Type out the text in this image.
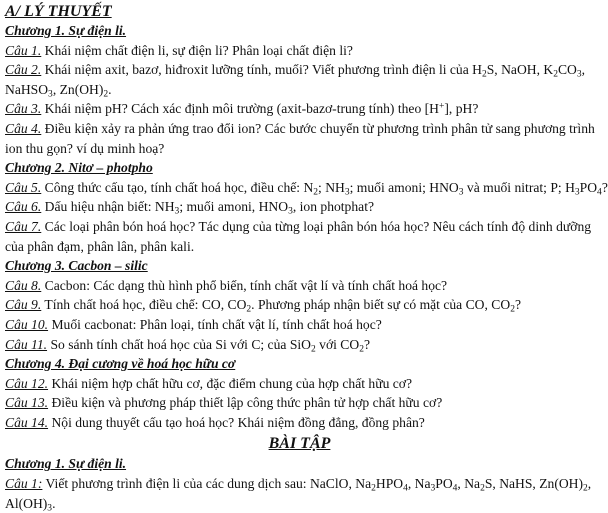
A/ LÝ THUYẾT
Chương 1. Sự điện li.
Câu 1. Khái niệm chất điện li, sự điện li? Phân loại chất điện li?
Câu 2. Khái niệm axit, bazơ, hiđroxit lưỡng tính, muối? Viết phương trình điện li của $H_2S$, NaOH, $K_2CO_3$,
NaHSO$_3$, $Zn(OH)_2$.
Câu 3. Khái niệm pH? Cách xác định môi trường (axit-bazơ-trung tính) theo [H+], pH?
Câu 4. Điều kiện xảy ra phản ứng trao đổi ion? Các bước chuyển từ phương trình phân tử sang phương trình
ion thu gọn? ví dụ minh hoạ?
Chương 2. Nitơ – photpho
Câu 5. Công thức cấu tạo, tính chất hoá học, điều chế: $N_2$; $NH_3$; muối amoni; $HNO_3$ và muối nitrat; P; $H_3PO_4$?
Câu 6. Dấu hiệu nhận biết: $NH_3$; muối amoni, $HNO_3$, ion photphat?
Câu 7. Các loại phân bón hoá học? Tác dụng của từng loại phân bón hóa học? Nêu cách tính độ dinh dưỡng
của phân đạm, phân lân, phân kali.
Chương 3. Cacbon – silic
Câu 8. Cacbon: Các dạng thù hình phổ biến, tính chất vật lí và tính chất hoá học?
Câu 9. Tính chất hoá học, điều chế: CO, $CO_2$. Phương pháp nhận biết sự có mặt của CO, $CO_2$?
Câu 10. Muối cacbonat: Phân loại, tính chất vật lí, tính chất hoá học?
Câu 11. So sánh tính chất hoá học của Si với C; của SiO$_2$ với $CO_2$?
Chương 4. Đại cương về hoá học hữu cơ
Câu 12. Khái niệm hợp chất hữu cơ, đặc điểm chung của hợp chất hữu cơ?
Câu 13. Điều kiện và phương pháp thiết lập công thức phân tử hợp chất hữu cơ?
Câu 14. Nội dung thuyết cấu tạo hoá học? Khái niệm đồng đẳng, đồng phân?
BÀI TẬP
Chương 1. Sự điện li.
Câu 1: Viết phương trình điện li của các dung dịch sau: NaClO, $Na_2HPO_4$, $Na_3PO_4$, $Na_2S$, NaHS, $Zn(OH)_2$,
$Al(OH)_3$.
